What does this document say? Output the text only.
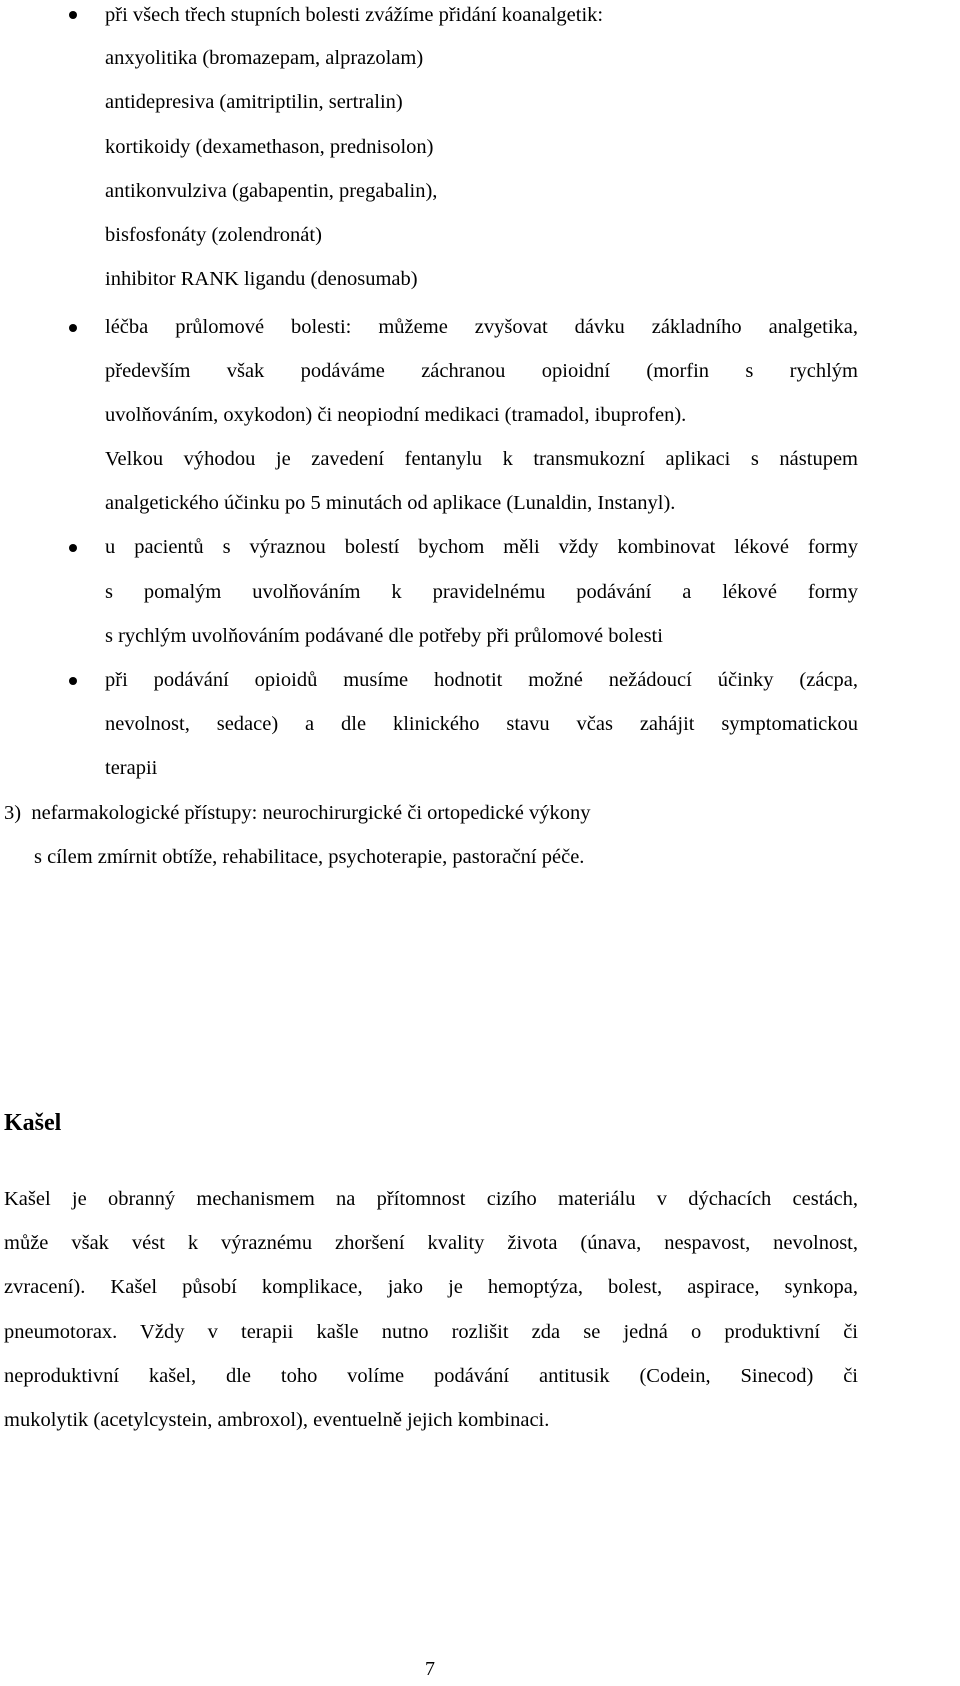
při všech třech stupních bolesti zvážíme přidání koanalgetik:
anxyolitika (bromazepam, alprazolam)
antidepresiva (amitriptilin, sertralin)
kortikoidy (dexamethason, prednisolon)
antikonvulziva (gabapentin, pregabalin),
bisfosfonáty (zolendronát)
inhibitor RANK ligandu (denosumab)
léčba průlomové bolesti: můžeme zvyšovat dávku základního analgetika,
především však podáváme záchranou opioidní (morfin s rychlým
uvolňováním, oxykodon) či neopiodní medikaci (tramadol, ibuprofen).
Velkou výhodou je zavedení fentanylu k transmukozní aplikaci s nástupem
analgetického účinku po 5 minutách od aplikace (Lunaldin, Instanyl).
u pacientů s výraznou bolestí bychom měli vždy kombinovat lékové formy
s pomalým uvolňováním k pravidelnému podávání a lékové formy
s rychlým uvolňováním podávané dle potřeby při průlomové bolesti
při podávání opioidů musíme hodnotit možné nežádoucí účinky (zácpa,
nevolnost, sedace) a dle klinického stavu včas zahájit symptomaticko​u
terapii
3) nefarmakologické přístupy: neurochirurgické či ortopedické výkony
s cílem zmírnit obtíže, rehabilitace, psychoterapie, pastorační péče.
Kašel
Kašel je obranný mechanismem na přítomnost cizího materiálu v dýchacích cestách,
může však vést k výraznému zhoršení kvality života (únava, nespavost, nevolnost,
zvracení). Kašel působí komplikace, jako je hemoptýza, bolest, aspirace, synkopa,
pneumotorax. Vždy v terapii kašle nutno rozlišit zda se jedná o produktivní či
neproduktivní kašel, dle toho volíme podávání antitusik (Codein, Sinecod) či
mukolytik (acetylcystein, ambroxol), eventuelně jejich kombinaci.
7
